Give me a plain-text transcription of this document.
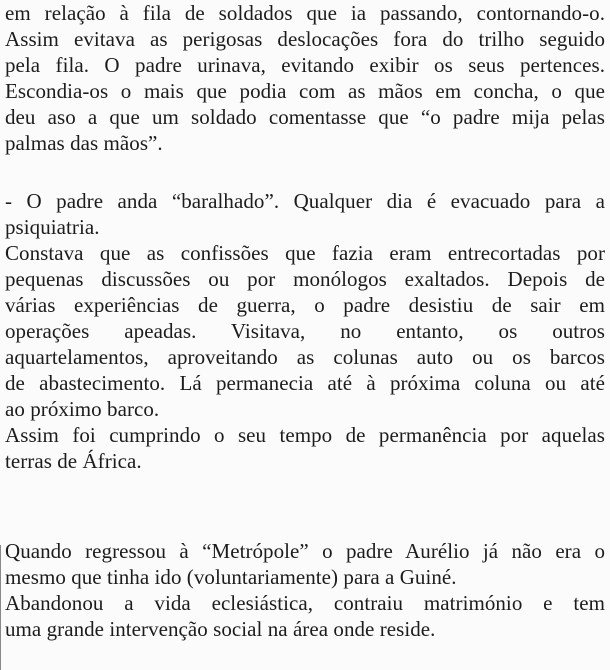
em relação à fila de soldados que ia passando, contornando-o.
Assim evitava as perigosas deslocações fora do trilho seguido
pela fila. O padre urinava, evitando exibir os seus pertences.
Escondia-os o mais que podia com as mãos em concha, o que
deu aso a que um soldado comentasse que “o padre mija pelas
palmas das mãos”.
- O padre anda “baralhado”. Qualquer dia é evacuado para a
psiquiatria.
Constava que as confissões que fazia eram entrecortadas por
pequenas discussões ou por monólogos exaltados. Depois de
várias experiências de guerra, o padre desistiu de sair em
operações apeadas. Visitava, no entanto, os outros
aquartelamentos, aproveitando as colunas auto ou os barcos
de abastecimento. Lá permanecia até à próxima coluna ou até
ao próximo barco.
Assim foi cumprindo o seu tempo de permanência por aquelas
terras de África.
Quando regressou à “Metrópole” o padre Aurélio já não era o
mesmo que tinha ido (voluntariamente) para a Guiné.
Abandonou a vida eclesiástica, contraiu matrimónio e tem
uma grande intervenção social na área onde reside.
